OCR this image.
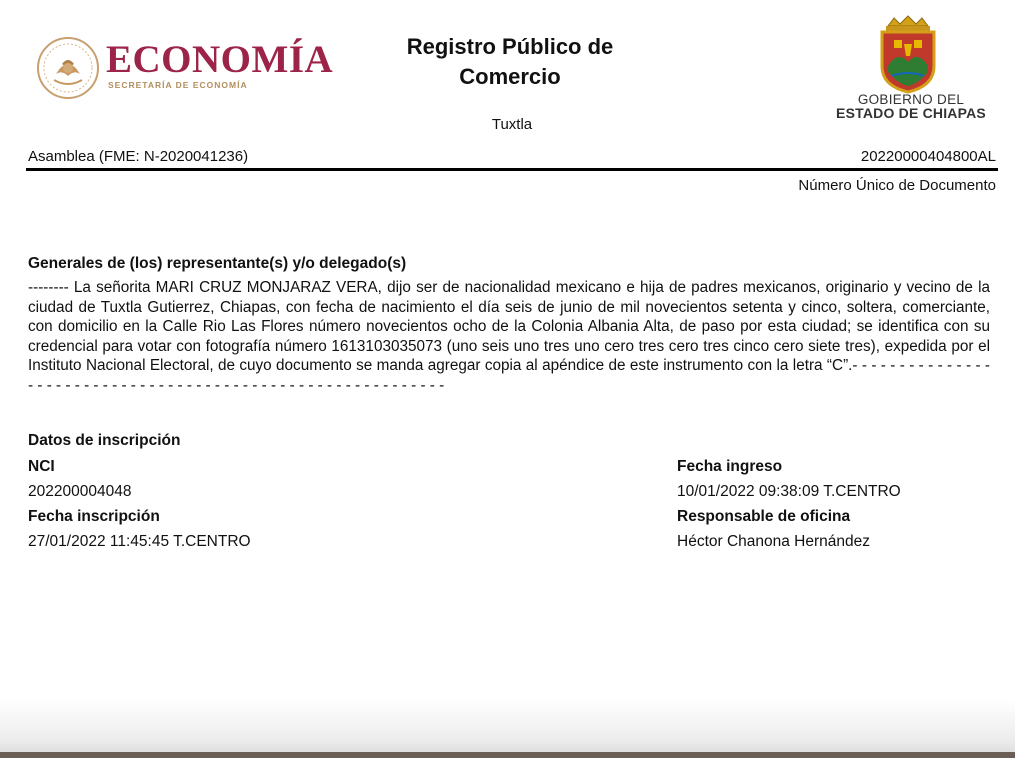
ECONOMÍA
SECRETARÍA DE ECONOMÍA
Registro Público de
Comercio
Tuxtla
GOBIERNO DEL
ESTADO DE CHIAPAS
Asamblea (FME: N-2020041236)	20220000404800AL
Número Único de Documento
Generales de (los) representante(s) y/o delegado(s)
-------- La señorita MARI CRUZ MONJARAZ VERA, dijo ser de nacionalidad mexicano e hija de padres mexicanos, originario y vecino de la ciudad de Tuxtla Gutierrez, Chiapas, con fecha de nacimiento el día seis de junio de mil novecientos setenta y cinco, soltera, comerciante, con domicilio en la Calle Rio Las Flores número novecientos ocho de la Colonia Albania Alta, de paso por esta ciudad; se identifica con su credencial para votar con fotografía número 1613103035073 (uno seis uno tres uno cero tres cero tres cinco cero siete tres), expedida por el Instituto Nacional Electoral, de cuyo documento se manda agregar copia al apéndice de este instrumento con la letra “C”.- - - - - - - - - - - - - - - - - - - - - - - - - - - - - - - - - - - - - - - - - - - - - - - - - - - - - - - - - - - -
Datos de inscripción
NCI
202200004048
Fecha inscripción
27/01/2022 11:45:45 T.CENTRO
Fecha ingreso
10/01/2022 09:38:09 T.CENTRO
Responsable de oficina
Héctor Chanona Hernández
